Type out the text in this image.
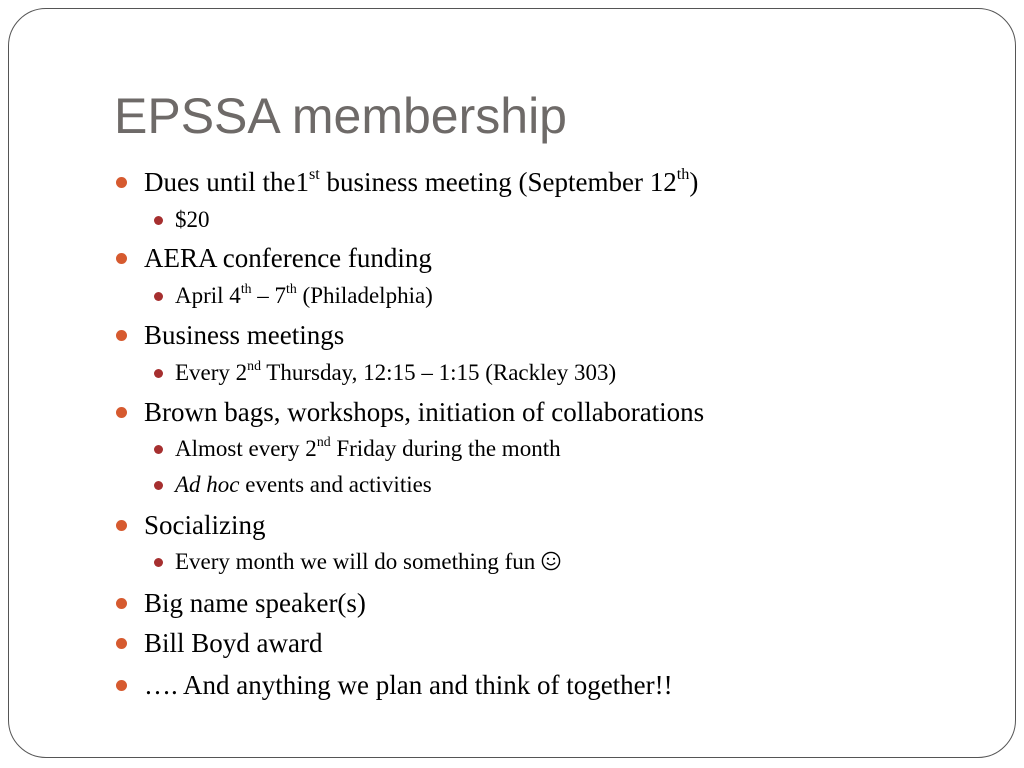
EPSSA membership
Dues until the1st business meeting (September 12th)
$20
AERA conference funding
April 4th – 7th (Philadelphia)
Business meetings
Every 2nd Thursday, 12:15 – 1:15 (Rackley 303)
Brown bags, workshops, initiation of collaborations
Almost every 2nd Friday during the month
Ad hoc events and activities
Socializing
Every month we will do something fun
Big name speaker(s)
Bill Boyd award
…. And anything we plan and think of together!!
